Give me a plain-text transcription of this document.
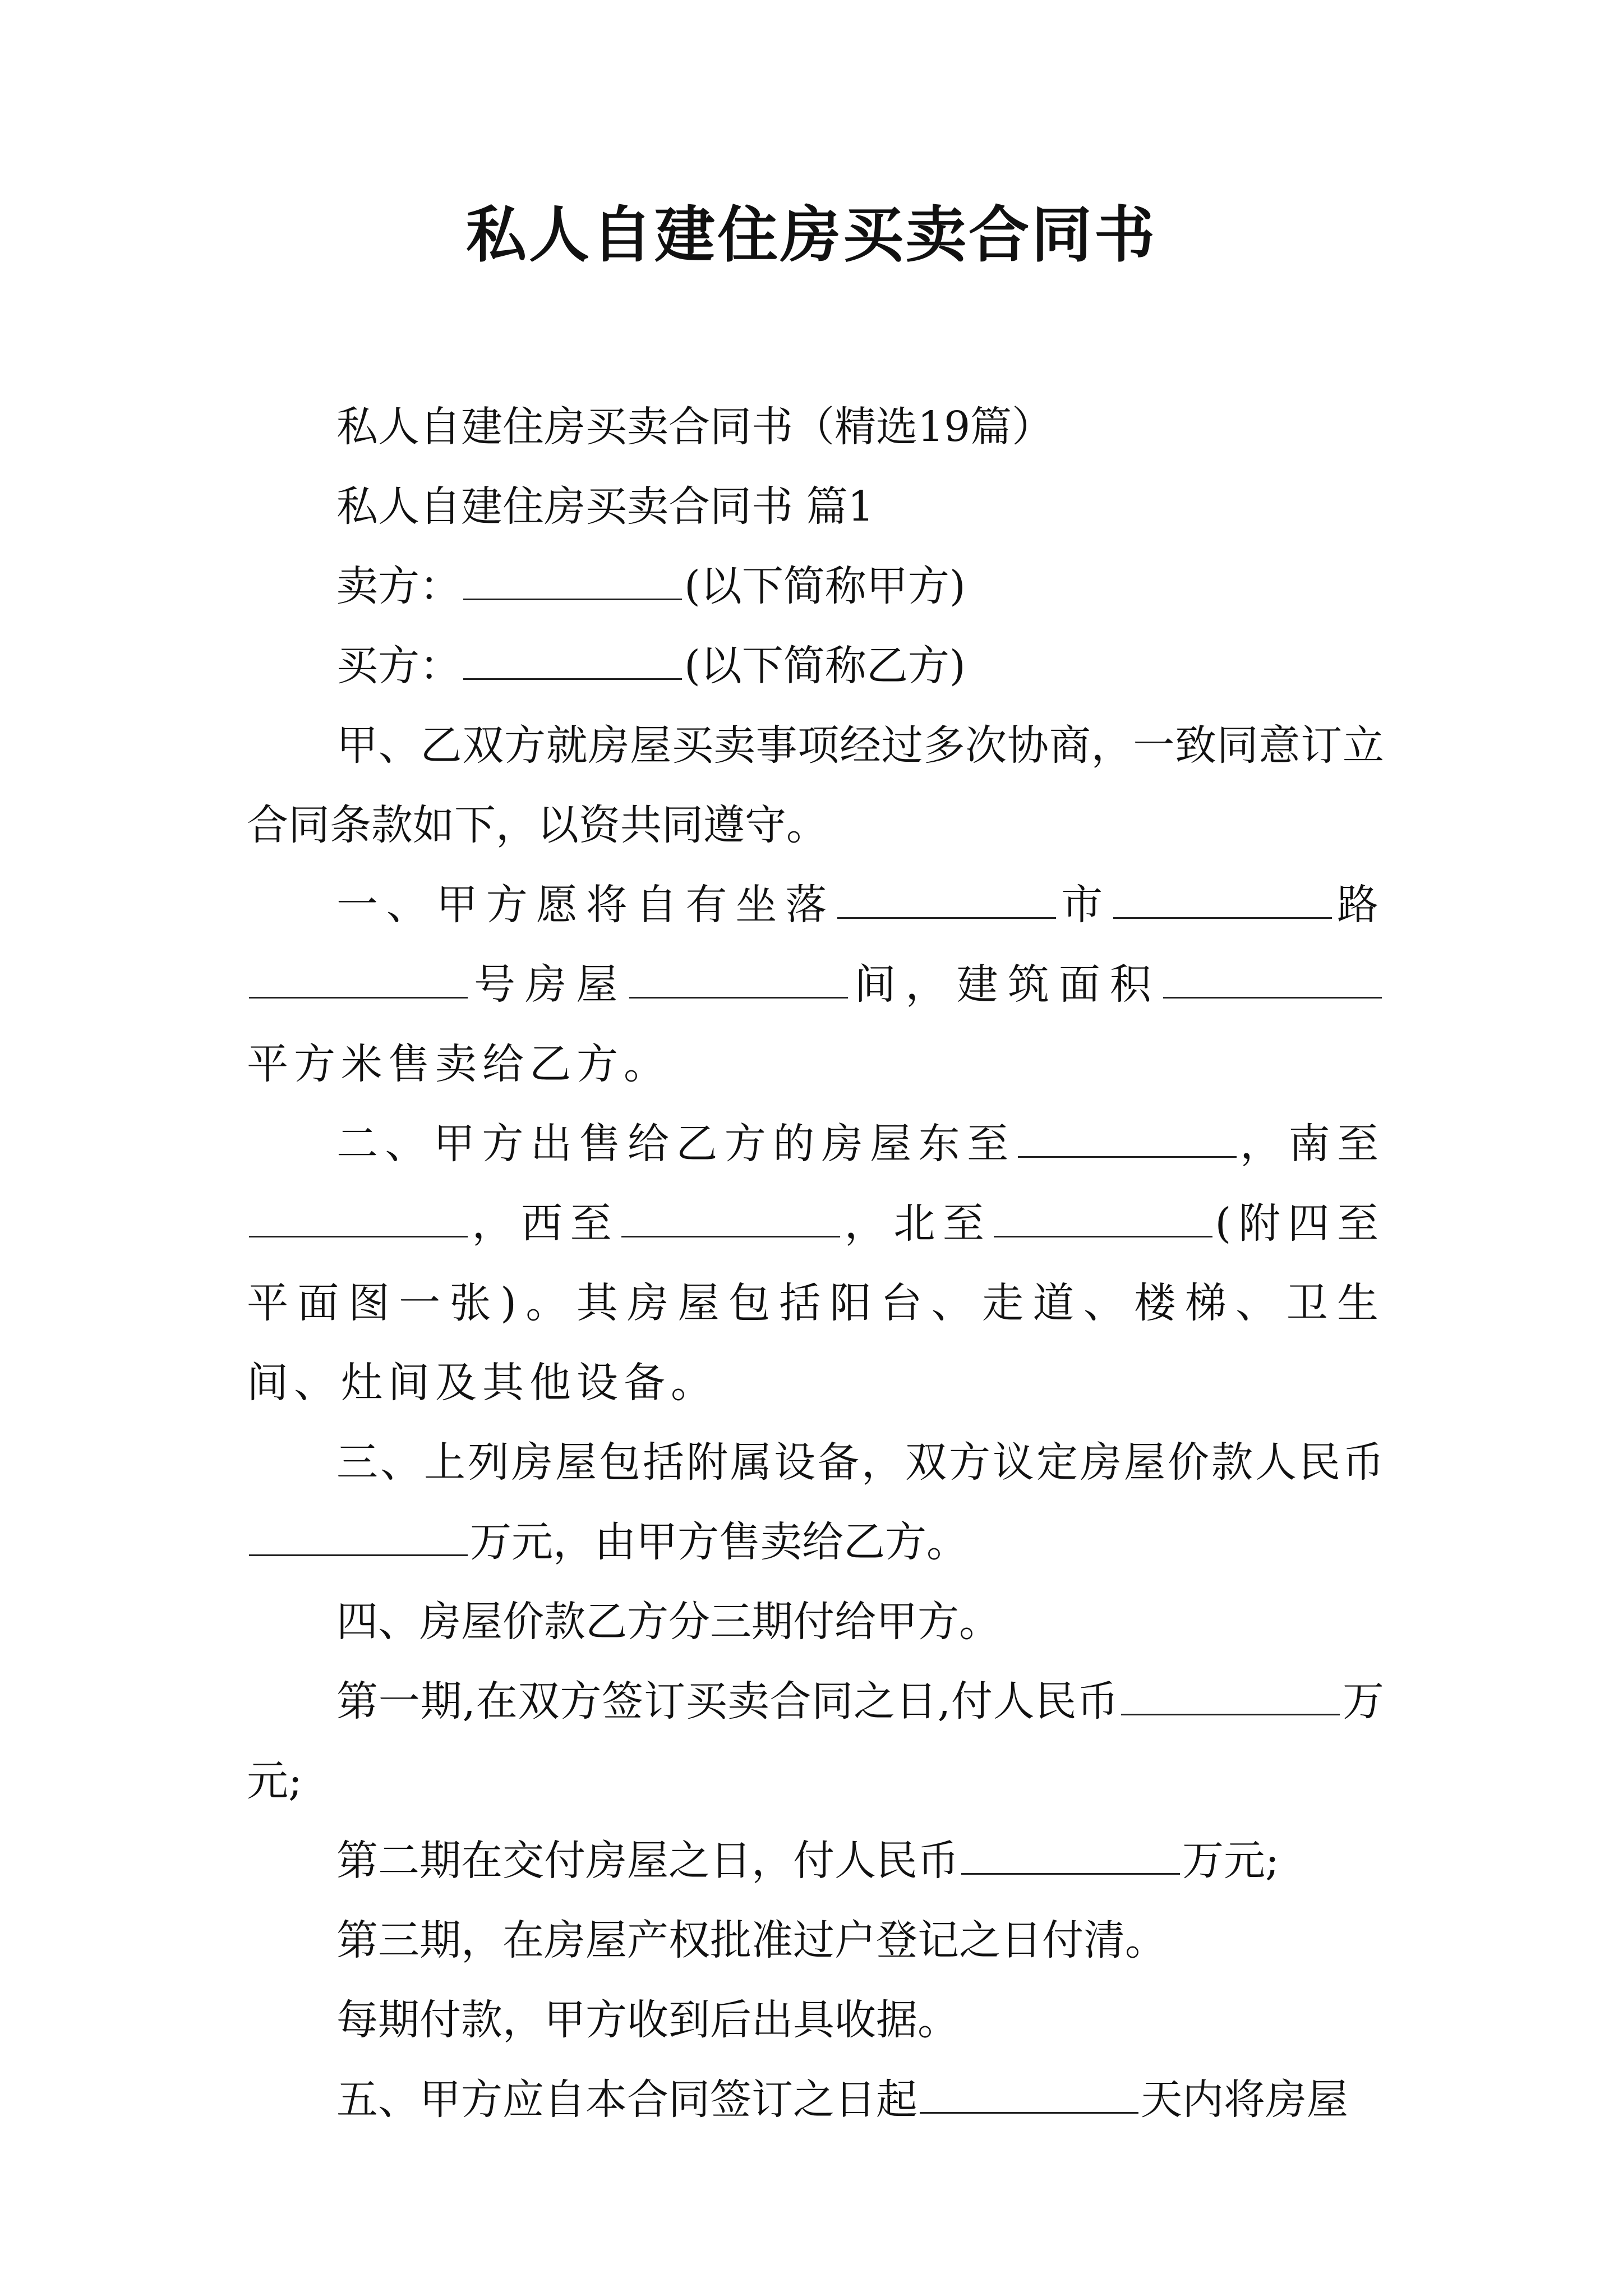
私人自建住房买卖合同书

私人自建住房买卖合同书（精选19篇）

私人自建住房买卖合同书 篇1

卖方：	(以下简称甲方)

买方：	(以下简称乙方)

甲、乙双方就房屋买卖事项经过多次协商，一致同意订立合同条款如下，以资共同遵守。

一、甲方愿将自有坐落	市	路号房屋	间，建筑面积平方米售卖给乙方。

二、甲方出售给乙方的房屋东至	，南至，西至	，北至	(附四至平面图一张)。其房屋包括阳台、走道、楼梯、卫生间、灶间及其他设备。

三、上列房屋包括附属设备，双方议定房屋价款人民币万元，由甲方售卖给乙方。

四、房屋价款乙方分三期付给甲方。

第一期,在双方签订买卖合同之日,付人民币	万元;

第二期在交付房屋之日，付人民币	万元;

第三期，在房屋产权批准过户登记之日付清。

每期付款，甲方收到后出具收据。

五、甲方应自本合同签订之日起	天内将房屋
